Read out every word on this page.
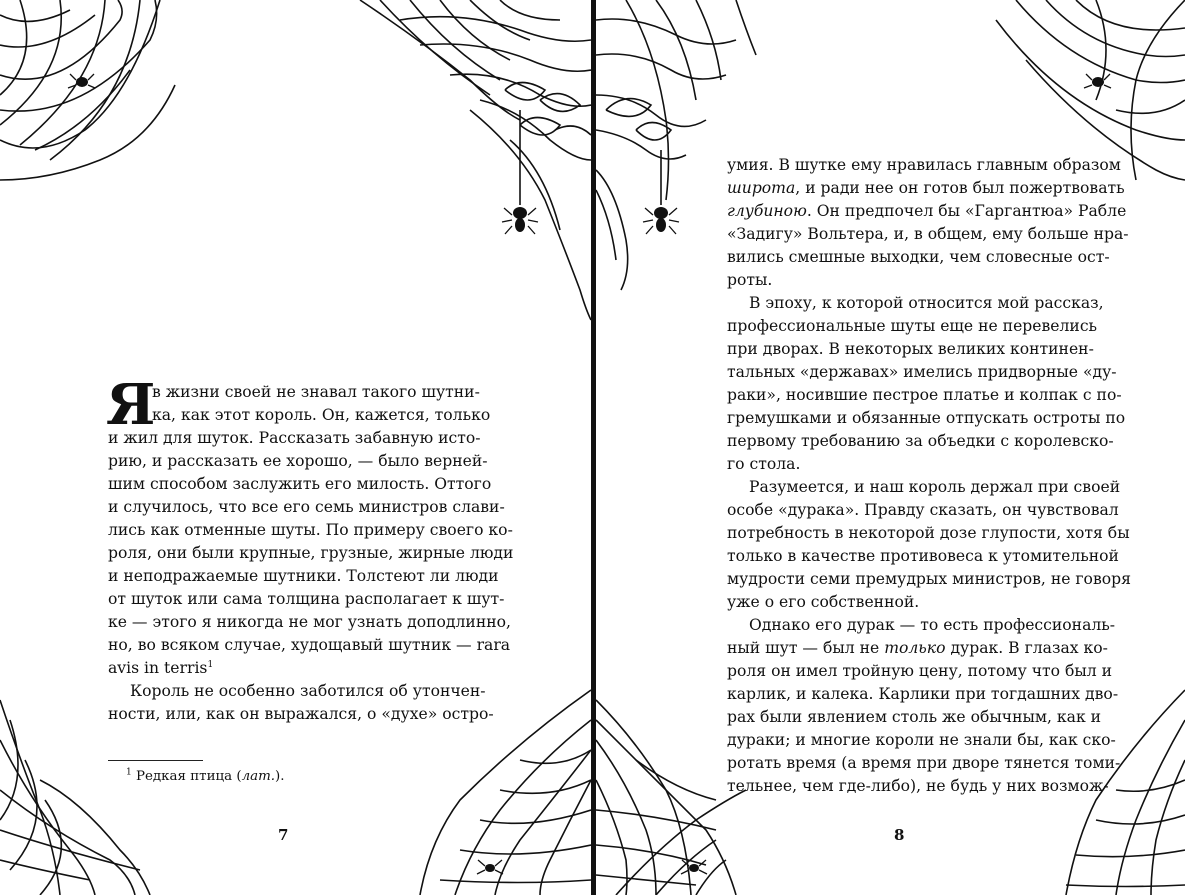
Я
в жизни своей не знавал такого шутни-
ка, как этот король. Он, кажется, только
и жил для шуток. Рассказать забавную исто-
рию, и рассказать ее хорошо, — было верней-
шим способом заслужить его милость. Оттого
и случилось, что все его семь министров слави-
лись как отменные шуты. По примеру своего ко-
роля, они были крупные, грузные, жирные люди
и неподражаемые шутники. Толстеют ли люди
от шуток или сама толщина располагает к шут-
ке — этого я никогда не мог узнать доподлинно,
но, во всяком случае, худощавый шутник — rara
avis in terris$^1$
Король не особенно заботился об утончен-
ности, или, как он выражался, о «духе» остро-
$^1$ Редкая птица (лат.).
7
умия. В шутке ему нравилась главным образом
широта, и ради нее он готов был пожертвовать
глубиною. Он предпочел бы «Гаргантюа» Рабле
«Задигу» Вольтера, и, в общем, ему больше нра-
вились смешные выходки, чем словесные ост-
роты.
В эпоху, к которой относится мой рассказ,
профессиональные шуты еще не перевелись
при дворах. В некоторых великих континен-
тальных «державах» имелись придворные «ду-
раки», носившие пестрое платье и колпак с по-
гремушками и обязанные отпускать остроты по
первому требованию за объедки с королевско-
го стола.
Разумеется, и наш король держал при своей
особе «дурака». Правду сказать, он чувствовал
потребность в некоторой дозе глупости, хотя бы
только в качестве противовеса к утомительной
мудрости семи премудрых министров, не говоря
уже о его собственной.
Однако его дурак — то есть профессиональ-
ный шут — был не только дурак. В глазах ко-
роля он имел тройную цену, потому что был и
карлик, и калека. Карлики при тогдашних дво-
рах были явлением столь же обычным, как и
дураки; и многие короли не знали бы, как ско-
ротать время (а время при дворе тянется томи-
тельнее, чем где-либо), не будь у них возмож-
8
